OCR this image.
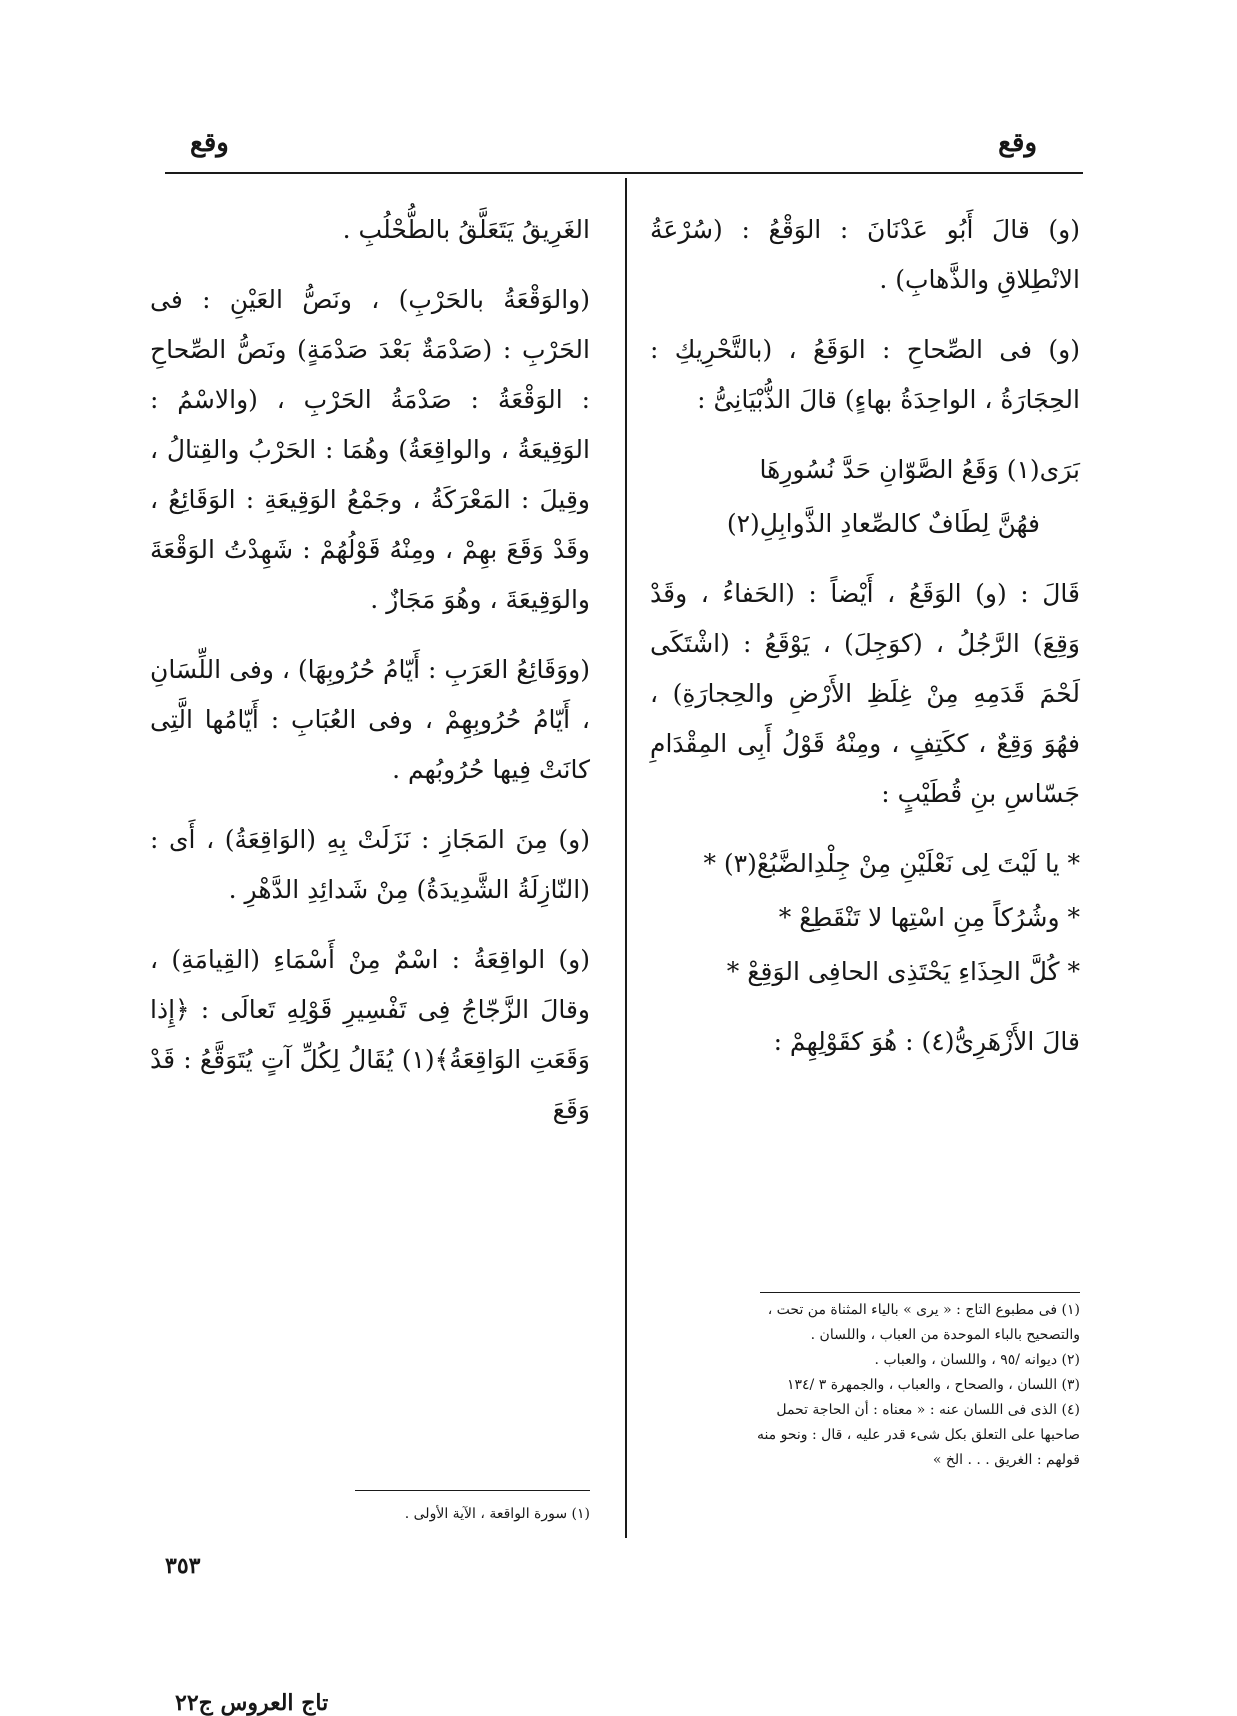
وقع
وقع
(و) قالَ أَبُو عَدْنَانَ : الوَقْعُ : (سُرْعَةُ الانْطِلاقِ والذَّهابِ) .
(و) فى الصِّحاحِ : الوَقَعُ ، (بالتَّحْرِيكِ : الحِجَارَةُ ، الواحِدَةُ بهاءٍ) قالَ الذُّبْيَانِىُّ :
بَرَى(١) وَقَعُ الصَّوّانِ حَدَّ نُسُورِهَا
فهُنَّ لِطَافٌ كالصِّعادِ الذَّوابِلِ(٢)
قَالَ : (و) الوَقَعُ ، أَيْضاً : (الحَفاءُ ، وقَدْ وَقِعَ) الرَّجُلُ ، (كوَجِلَ) ، يَوْقَعُ : (اشْتَكَى لَحْمَ قَدَمِهِ مِنْ غِلَظِ الأَرْضِ والحِجارَةِ) ، فهُوَ وَقِعٌ ، ككَتِفٍ ، ومِنْهُ قَوْلُ أَبِى المِقْدَامِ جَسّاسِ بنِ قُطَيْبٍ :
* يا لَيْتَ لِى نَعْلَيْنِ مِنْ جِلْدِالضَّبُعْ(٣) *
* وشُرُكاً مِنِ اسْتِها لا تَنْقَطِعْ *
* كُلَّ الحِذَاءِ يَحْتَذِى الحافِى الوَقِعْ *
قالَ الأَزْهَرِىُّ(٤) : هُوَ كقَوْلِهِمْ :
(١) فى مطبوع التاج : « يرى » بالياء المثناة من تحت ، والتصحيح بالباء الموحدة من العباب ، واللسان .
(٢) ديوانه /٩٥ ، واللسان ، والعباب .
(٣) اللسان ، والصحاح ، والعباب ، والجمهرة ٣ /١٣٤
(٤) الذى فى اللسان عنه : « معناه : أن الحاجة تحمل صاحبها على التعلق بكل شىء قدر عليه ، قال : ونحو منه قولهم : الغريق . . . الخ »
الغَرِيقُ يَتَعَلَّقُ بالطُّحْلُبِ .
(والوَقْعَةُ بالحَرْبِ) ، ونَصُّ العَيْنِ : فى الحَرْبِ : (صَدْمَةٌ بَعْدَ صَدْمَةٍ) ونَصُّ الصِّحاحِ : الوَقْعَةُ : صَدْمَةُ الحَرْبِ ، (والاسْمُ : الوَقِيعَةُ ، والواقِعَةُ) وهُمَا : الحَرْبُ والقِتالُ ، وقِيلَ : المَعْرَكَةُ ، وجَمْعُ الوَقِيعَةِ : الوَقَائِعُ ، وقَدْ وَقَعَ بهِمْ ، ومِنْهُ قَوْلُهُمْ : شَهِدْتُ الوَقْعَةَ والوَقِيعَةَ ، وهُوَ مَجَازٌ .
(ووَقَائِعُ العَرَبِ : أَيّامُ حُرُوبِهَا) ، وفى اللِّسَانِ ، أَيّامُ حُرُوبِهِمْ ، وفى العُبَابِ : أَيّامُها الَّتِى كانَتْ فِيها حُرُوبُهم .
(و) مِنَ المَجَازِ : نَزَلَتْ بِهِ (الوَاقِعَةُ) ، أَى : (النّازِلَةُ الشَّدِيدَةُ) مِنْ شَدائِدِ الدَّهْرِ .
(و) الواقِعَةُ : اسْمٌ مِنْ أَسْمَاءِ (القِيامَةِ) ، وقالَ الزَّجّاجُ فِى تَفْسِيرِ قَوْلِهِ تَعالَى : ﴿إِذا وَقَعَتِ الوَاقِعَةُ﴾(١) يُقَالُ لِكُلِّ آتٍ يُتَوَقَّعُ : قَدْ وَقَعَ
(١) سورة الواقعة ، الآية الأولى .
٣٥٣
تاج العروس ج٢٢
